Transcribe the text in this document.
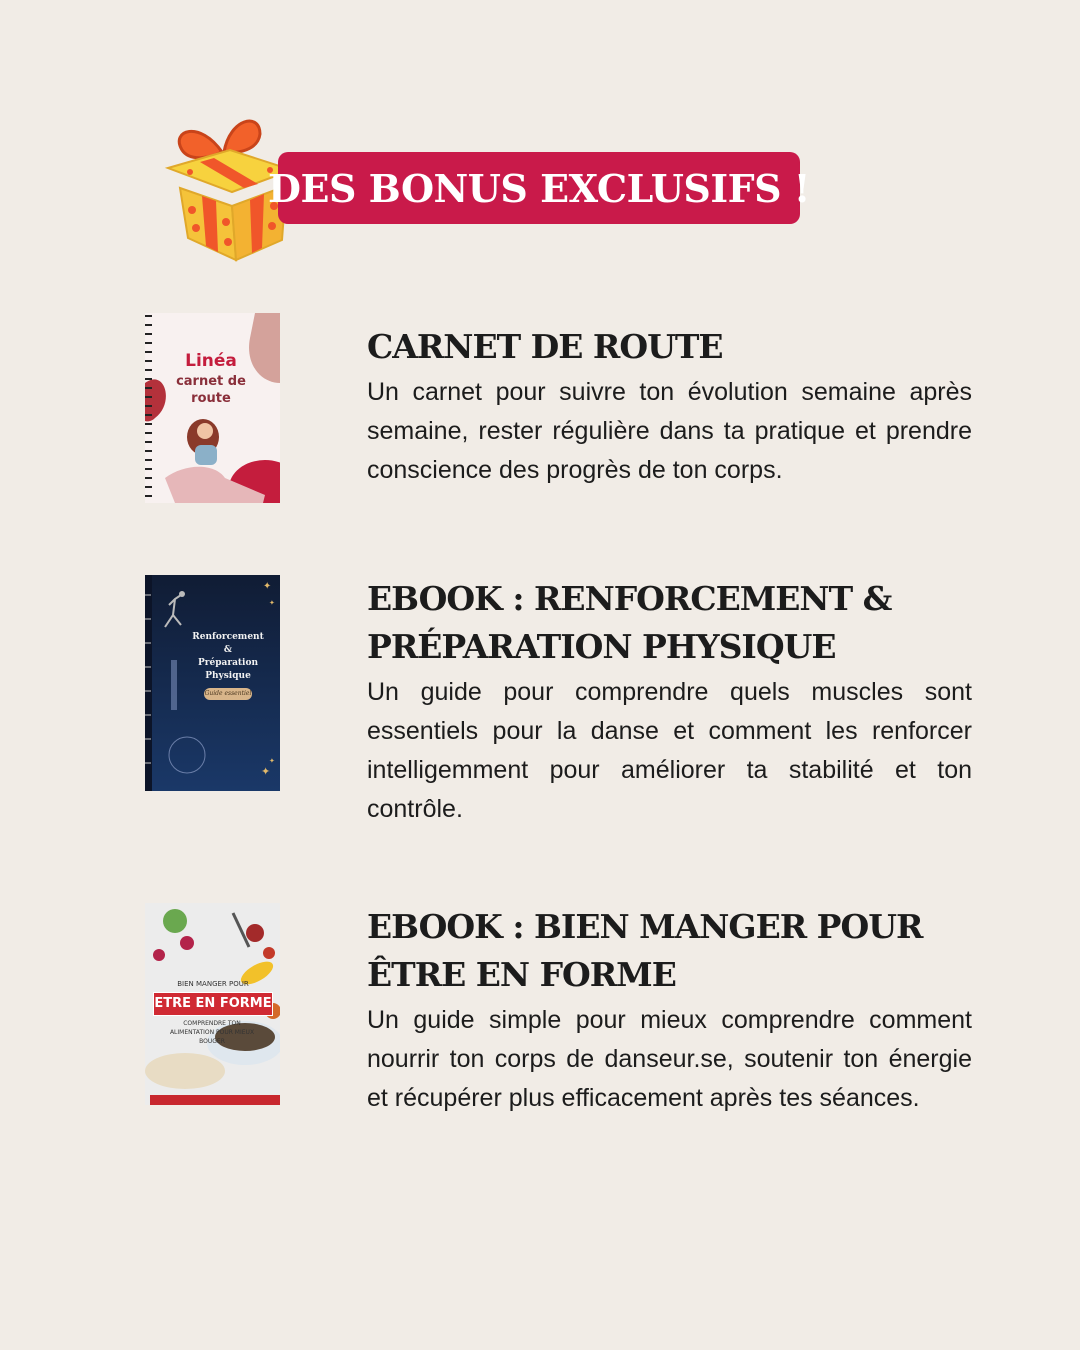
DES BONUS EXCLUSIFS !
Linéa
carnet de route
CARNET DE ROUTE

Un carnet pour suivre ton évolution semaine après semaine, rester régulière dans ta pratique et prendre conscience des progrès de ton corps.

✦
✦
✦
✦
Renforcement
&
Préparation
Physique
Guide essentiel
EBOOK : RENFORCEMENT & PRÉPARATION PHYSIQUE

Un guide pour comprendre quels muscles sont essentiels pour la danse et comment les renforcer intelligemment pour améliorer ta stabilité et ton contrôle.

BIEN MANGER POUR
ETRE EN FORME
COMPRENDRE TON ALIMENTATION POUR MIEUX BOUGER
EBOOK : BIEN MANGER POUR ÊTRE EN FORME

Un guide simple pour mieux comprendre comment nourrir ton corps de danseur.se, soutenir ton énergie et récupérer plus efficacement après tes séances.
